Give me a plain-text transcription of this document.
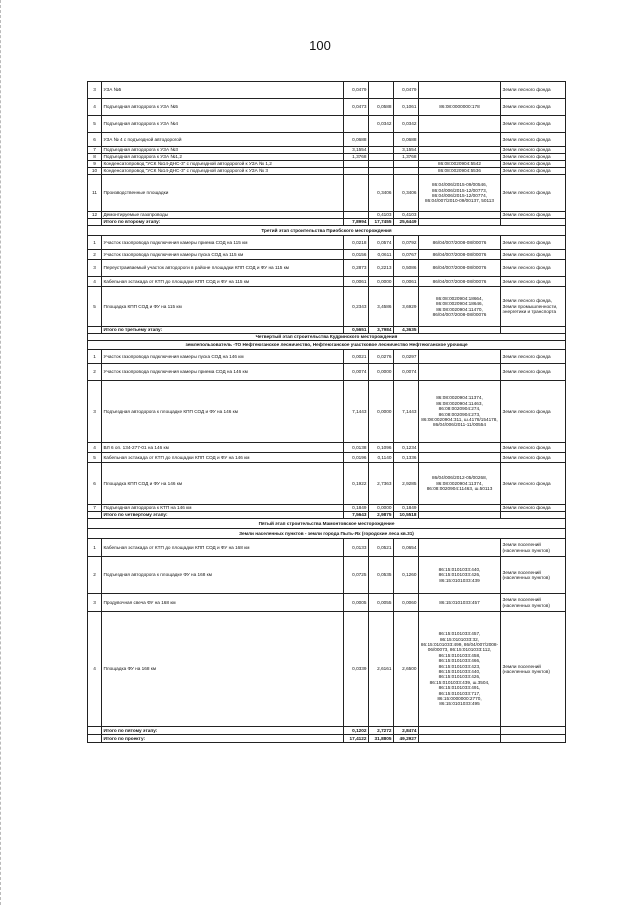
100
3	УЗА №5	0,0479		0,0479		Земли лесного фонда
4	Подъездная автодорога к УЗА №5	0,0473	0,0588	0,1061	86:08:0000000:178	Земли лесного фонда
5	Подъездная автодорога к УЗА №4		0,0342	0,0342		Земли лесного фонда
6	УЗА № 4 с подъездной автодорогой	0,0688		0,0688		Земли лесного фонда
7	Подъездная автодорога к УЗА №3	3,1554		3,1554		Земли лесного фонда
8	Подъездная автодорога к УЗА №1,2	1,3768		1,3768		Земли лесного фонда
9	Конденсатопровод "УСК №14-ДНС-3" с подъездной автодорогой к УЗА № 1,2				86:08:0020904:5542	Земли лесного фонда
10	Конденсатопровод "УСК №14-ДНС-3" с подъездной автодорогой к УЗА № 3				86:08:0020904:5536	Земли лесного фонда
11	Производственные площадки		0,3406	0,3406	86:04/006/2015-09/00546, 86:04/006/2015-12/00773, 86:04/006/2015-12/00774, 86:04/007/2010-09/00137, 50113	Земли лесного фонда
12	Демонтируемые газопроводы		0,4103	0,4103		Земли лесного фонда
	Итого по второму этапу:	7,8994	17,7455	25,6449		
Третий этап строительства Приобского месторождения						
1	Участок газопровода подключения камеры приема СОД на 115 км	0,0218	0,0574	0,0792	86/04/007/2008-08/00076	Земли лесного фонда
2	Участок газопровода подключения камеры пуска СОД на 115 км	0,0156	0,0611	0,0767	86/04/007/2008-08/00076	Земли лесного фонда
3	Переустраиваемый участок автодороги в районе площадки КПП СОД и ФУ на 115 км	0,2873	0,2213	0,5086	86/04/007/2008-08/00076	Земли лесного фонда
4	Кабельная эстакада от КТП до площадки КПП СОД и ФУ на 115 км	0,0061	0,0000	0,0061	86/04/007/2008-08/00076	Земли лесного фонда
5	Площадка КПП СОД и ФУ на 115 км	0,2343	3,4586	3,6929	86:08:0020904:18664, 86:08:0020904:18646, 86:08:0020904:11470, 86/04/007/2008-08/00076	Земли лесного фонда, Земли промышленности, энергетики и транспорта
	Итого по третьему этапу:	0,5651	3,7984	4,3635		
Четвертый этап строительства Кудринского месторождения						
землепользователь -ТО Нефтеюганское лесничество, Нефтеюганское участковое лесничество Нефтеюганское урочище						
1	Участок газопровода подключения камеры пуска СОД на 146 км	0,0021	0,0276	0,0297		Земли лесного фонда
2	Участок газопровода подключения камеры приема СОД на 146 км	0,0074	0,0000	0,0074		Земли лесного фонда
3	Подъездная автодорога к площадке КПП СОД и ФУ на 146 км	7,1443	0,0000	7,1443	86:08:0020904:11374, 86:08:0020904:11463, 86:08:0020904:274, 86:08:0020904:273, 86:08:0020904:311, ш.4178/154178, 86/04/006/2011-11/00554	Земли лесного фонда
4	ВЛ 6 оп. 134-277-01 на 146 км	0,0138	0,1096	0,1234		Земли лесного фонда
5	Кабельная эстакада от КТП до площадки КПП СОД и ФУ на 146 км	0,0196	0,1140	0,1336		Земли лесного фонда
6	Площадка КПП СОД и ФУ на 146 км	0,1922	2,7363	2,9285	86/04/006/2012-05/00268, 86:08:0020904:11374, 86:08:0020904:11463, ш.50113	Земли лесного фонда
7	Подъездная автодорога к КТП на 146 км	0,1849	0,0000	0,1849		Земли лесного фонда
	Итого по четвертому этапу:	7,5643	2,9875	10,5518		
Пятый этап строительства Мамонтовское месторождение						
Земли населенных пунктов - земли города Пыть-Ях (городские леса кв.31)						
1	Кабельная эстакада от КТП до площадки КПП СОД и ФУ на 168 км	0,0133	0,0521	0,0654		Земли поселений (населенных пунктов)
2	Подъездная автодорога к площадке ФУ на 168 км	0,0725	0,0535	0,1260	86:15:0101033:440, 86:15:0101033:426, 86:15:0101033:439	Земли поселений (населенных пунктов)
3	Продувочная свеча ФУ на 168 км	0,0005	0,0055	0,0060	86:15:0101033:457	Земли поселений (населенных пунктов)
4	Площадка ФУ на 168 км	0,0339	2,6161	2,6500	86:15:0101033:457, 86:15:0101033:32, 86:15:0101033:499, 86/04/007/2008-06/00073, 86:15:0101033:112, 86:15:0101033:458, 86:15:0101033:466, 86:15:0101033:423, 86:15:0101033:440, 86:15:0101033:426, 86:15:0101033:439, ш.3504, 86:15:0101033:491, 86:15:0101033:717, 86:15:0000000:2770, 86:15:0101033:495	Земли поселений (населенных пунктов)
	Итого по пятому этапу:	0,1202	2,7272	2,8474		
	Итого по проекту:	17,4122	31,8805	49,2927		
